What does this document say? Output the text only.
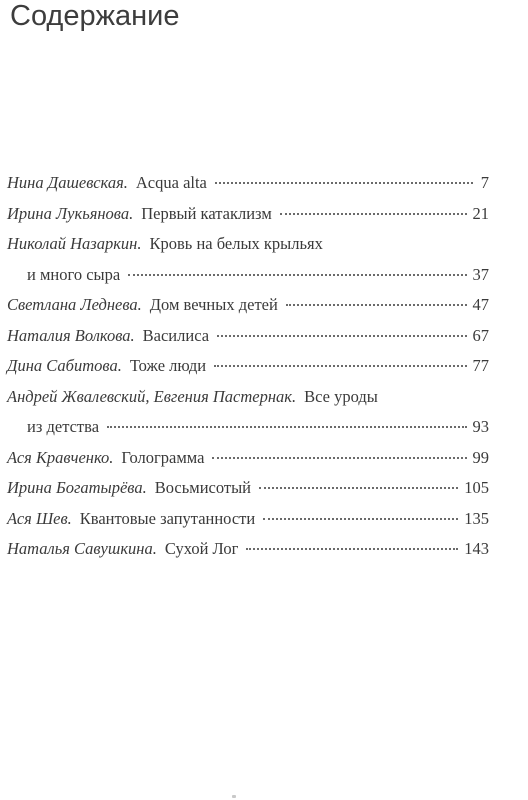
Содержание
Нина Дашевская. Acqua alta	7
Ирина Лукьянова. Первый катаклизм	21
Николай Назаркин. Кровь на белых крыльях
и много сыра	37
Светлана Леднева. Дом вечных детей	47
Наталия Волкова. Василиса	67
Дина Сабитова. Тоже люди	77
Андрей Жвалевский, Евгения Пастернак. Все уроды
из детства	93
Ася Кравченко. Голограмма	99
Ирина Богатырёва. Восьмисотый	105
Ася Шев. Квантовые запутанности	135
Наталья Савушкина. Сухой Лог	143
